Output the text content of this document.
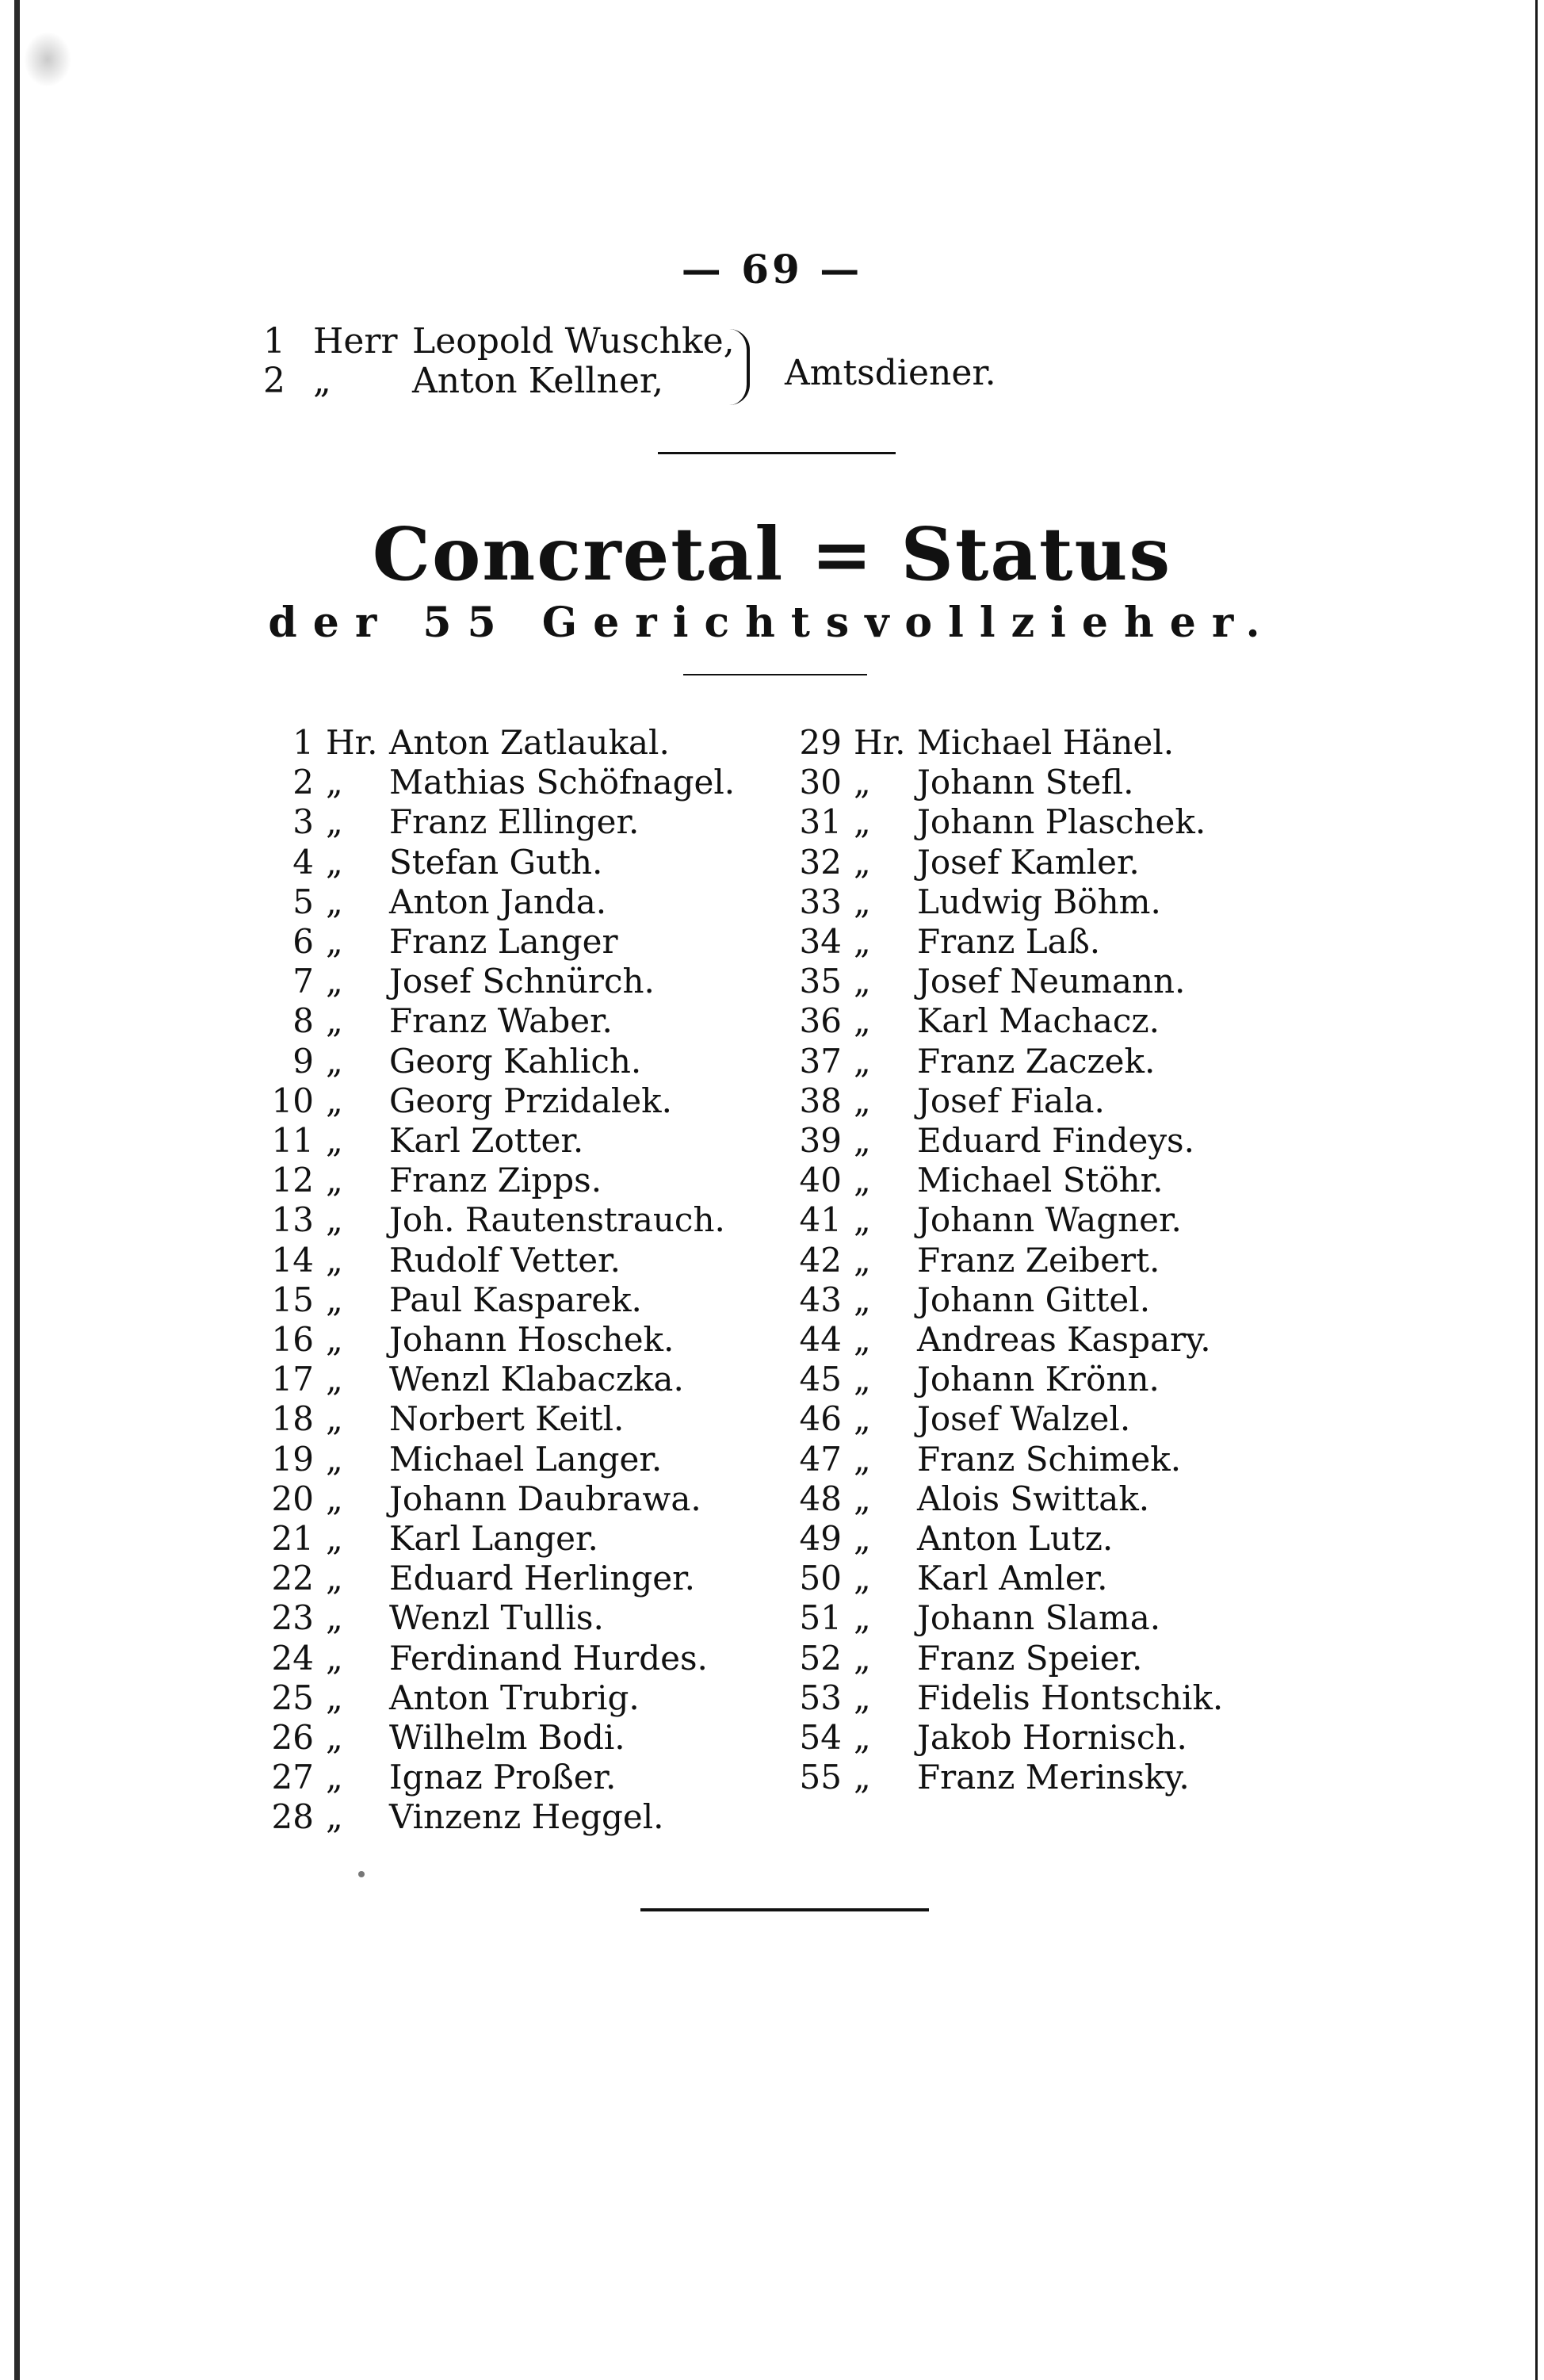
— 69 —
1 Herr Leopold Wuschke,
2 „ Anton Kellner,	Amtsdiener.
Concretal = Status
der 55 Gerichtsvollzieher.
1 Hr. Anton Zatlaukal.
2 „	Mathias Schöfnagel.
3 „	Franz Ellinger.
4 „	Stefan Guth.
5 „	Anton Janda.
6 „	Franz Langer
7 „	Josef Schnürch.
8 „	Franz Waber.
9 „	Georg Kahlich.
10 „	Georg Przidalek.
11 „	Karl Zotter.
12 „	Franz Zipps.
13 „	Joh. Rautenstrauch.
14 „	Rudolf Vetter.
15 „	Paul Kasparek.
16 „	Johann Hoschek.
17 „	Wenzl Klabaczka.
18 „	Norbert Keitl.
19 „	Michael Langer.
20 „	Johann Daubrawa.
21 „	Karl Langer.
22 „	Eduard Herlinger.
23 „	Wenzl Tullis.
24 „	Ferdinand Hurdes.
25 „	Anton Trubrig.
26 „	Wilhelm Bodi.
27 „	Ignaz Proßer.
28 „	Vinzenz Heggel.
29 Hr. Michael Hänel.
30 „	Johann Stefl.
31 „	Johann Plaschek.
32 „	Josef Kamler.
33 „	Ludwig Böhm.
34 „	Franz Laß.
35 „	Josef Neumann.
36 „	Karl Machacz.
37 „	Franz Zaczek.
38 „	Josef Fiala.
39 „	Eduard Findeys.
40 „	Michael Stöhr.
41 „	Johann Wagner.
42 „	Franz Zeibert.
43 „	Johann Gittel.
44 „	Andreas Kaspary.
45 „	Johann Krönn.
46 „	Josef Walzel.
47 „	Franz Schimek.
48 „	Alois Swittak.
49 „	Anton Lutz.
50 „	Karl Amler.
51 „	Johann Slama.
52 „	Franz Speier.
53 „	Fidelis Hontschik.
54 „	Jakob Hornisch.
55 „	Franz Merinsky.
